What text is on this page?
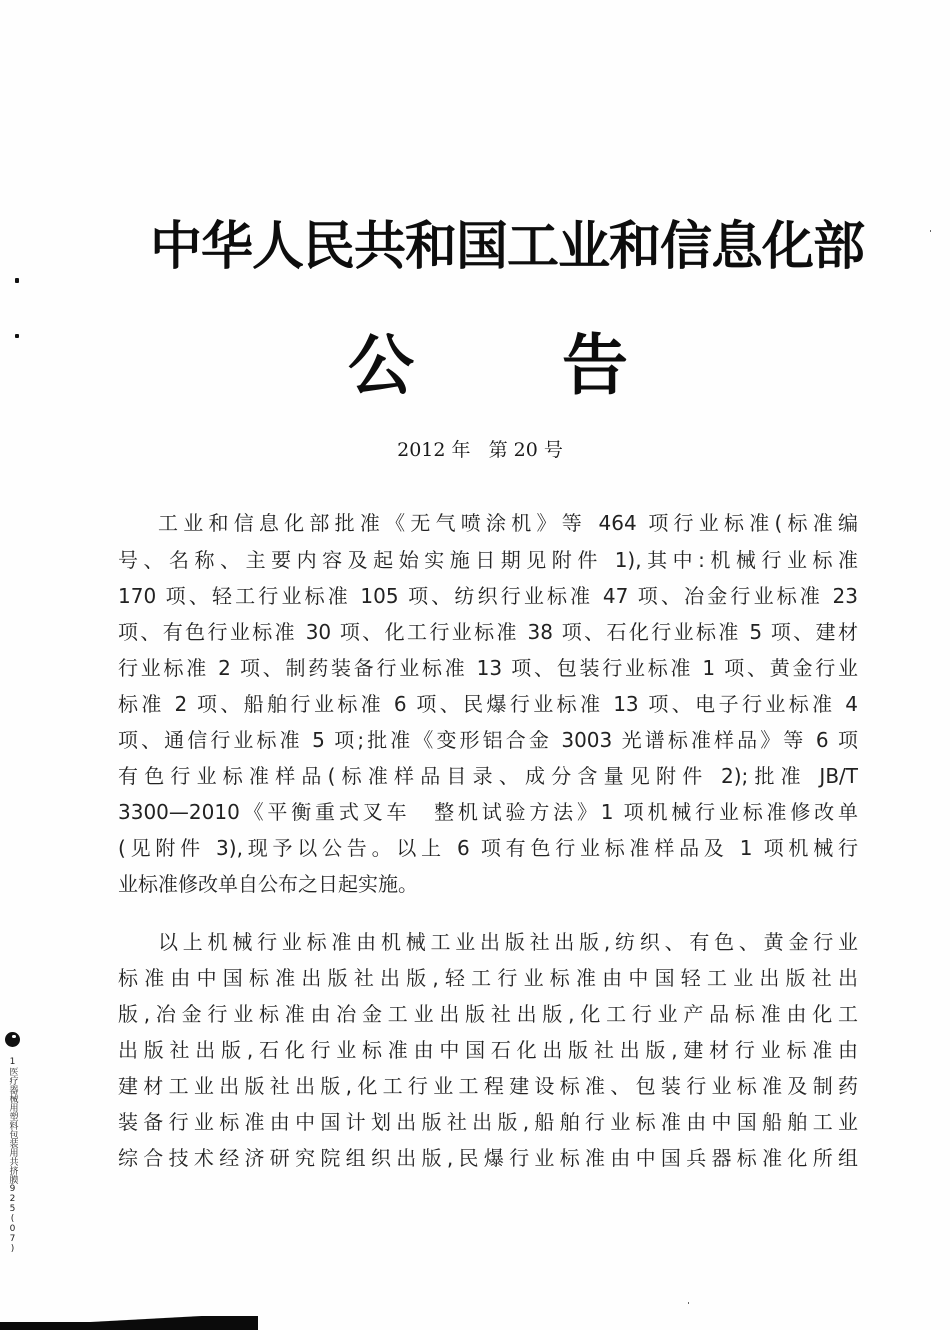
中华人民共和国工业和信息化部
公 告
2012 年   第 20 号
工业和信息化部批准《无气喷涂机》等 464 项行业标准(标准编
号、名称、主要内容及起始实施日期见附件 1),其中:机械行业标准
170 项、轻工行业标准 105 项、纺织行业标准 47 项、冶金行业标准 23
项、有色行业标准 30 项、化工行业标准 38 项、石化行业标准 5 项、建材
行业标准 2 项、制药装备行业标准 13 项、包装行业标准 1 项、黄金行业
标准 2 项、船舶行业标准 6 项、民爆行业标准 13 项、电子行业标准 4
项、通信行业标准 5 项;批准《变形铝合金 3003 光谱标准样品》等 6 项
有色行业标准样品(标准样品目录、成分含量见附件 2);批准 JB/T
3300—2010《平衡重式叉车　整机试验方法》1 项机械行业标准修改单
(见附件 3),现予以公告。以上 6 项有色行业标准样品及 1 项机械行
业标准修改单自公布之日起实施。
以上机械行业标准由机械工业出版社出版,纺织、有色、黄金行业
标准由中国标准出版社出版,轻工行业标准由中国轻工业出版社出
版,冶金行业标准由冶金工业出版社出版,化工行业产品标准由化工
出版社出版,石化行业标准由中国石化出版社出版,建材行业标准由
建材工业出版社出版,化工行业工程建设标准、包装行业标准及制药
装备行业标准由中国计划出版社出版,船舶行业标准由中国船舶工业
综合技术经济研究院组织出版,民爆行业标准由中国兵器标准化所组
1医疗器械用塑料包装用共挤膜925(07)
